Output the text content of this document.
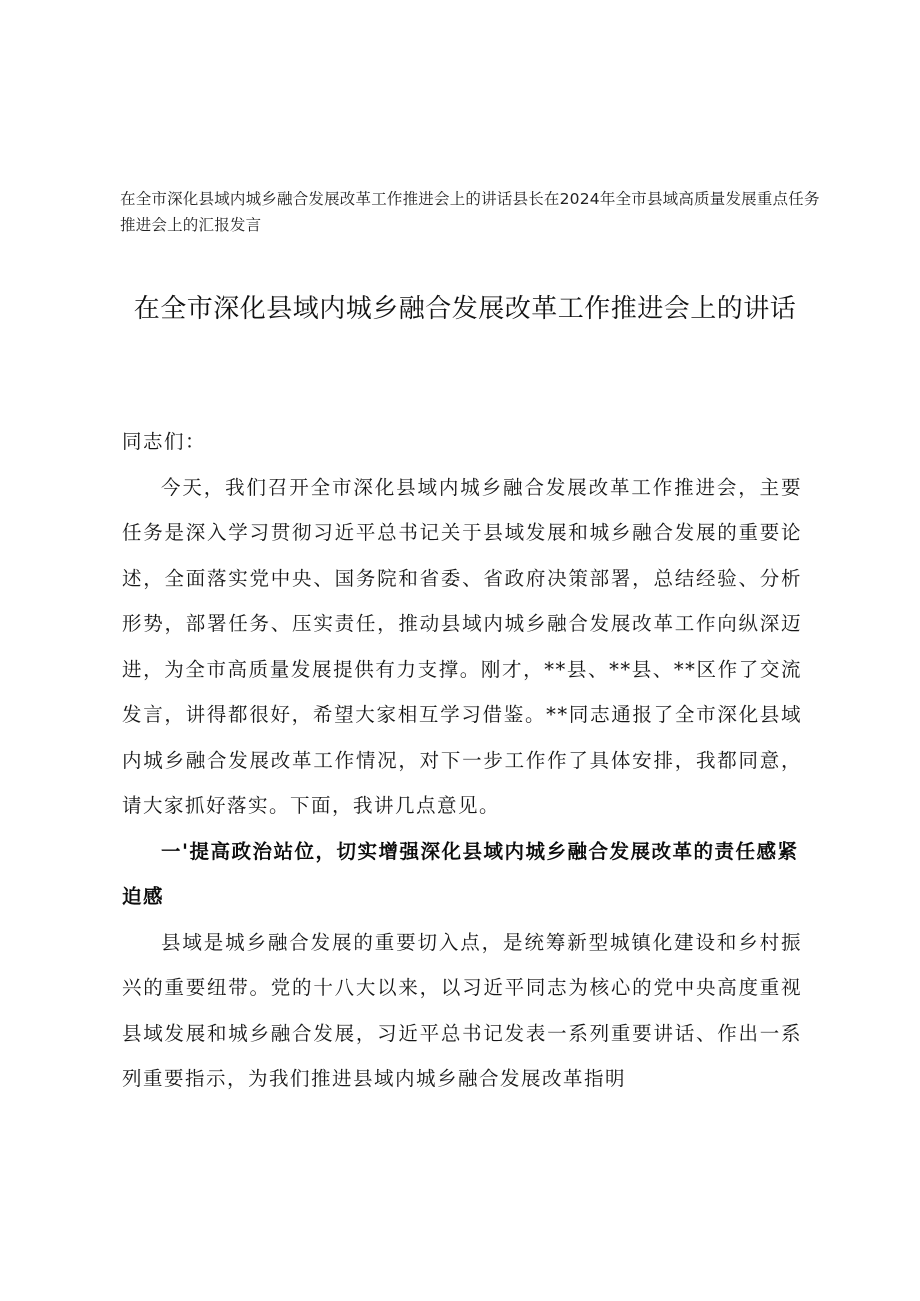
在全市深化县域内城乡融合发展改革工作推进会上的讲话县长在2024年全市县域高质量发展重点任务推进会上的汇报发言
在全市深化县域内城乡融合发展改革工作推进会上的讲话

同志们：

今天，我们召开全市深化县域内城乡融合发展改革工作推进会，主要任务是深入学习贯彻习近平总书记关于县域发展和城乡融合发展的重要论述，全面落实党中央、国务院和省委、省政府决策部署，总结经验、分析形势，部署任务、压实责任，推动县域内城乡融合发展改革工作向纵深迈进，为全市高质量发展提供有力支撑。刚才，**县、**县、**区作了交流发言，讲得都很好，希望大家相互学习借鉴。**同志通报了全市深化县域内城乡融合发展改革工作情况，对下一步工作作了具体安排，我都同意，请大家抓好落实。下面，我讲几点意见。

一'提高政治站位，切实增强深化县域内城乡融合发展改革的责任感紧迫感

县域是城乡融合发展的重要切入点，是统筹新型城镇化建设和乡村振兴的重要纽带。党的十八大以来，以习近平同志为核心的党中央高度重视县域发展和城乡融合发展，习近平总书记发表一系列重要讲话、作出一系列重要指示，为我们推进县域内城乡融合发展改革指明
